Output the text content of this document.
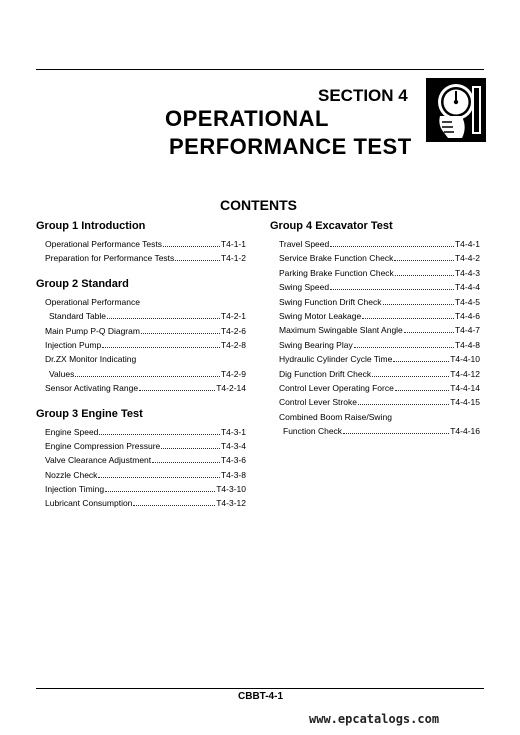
SECTION 4
OPERATIONAL
PERFORMANCE TEST
CONTENTS
Group 1 Introduction
Operational Performance Tests	T4-1-1
Preparation for Performance Tests	T4-1-2
Group 2 Standard
Operational Performance
Standard Table	T4-2-1
Main Pump P-Q Diagram	T4-2-6
Injection Pump	T4-2-8
Dr.ZX Monitor Indicating
Values	T4-2-9
Sensor Activating Range	T4-2-14
Group 3 Engine Test
Engine Speed	T4-3-1
Engine Compression Pressure	T4-3-4
Valve Clearance Adjustment	T4-3-6
Nozzle Check	T4-3-8
Injection Timing	T4-3-10
Lubricant Consumption	T4-3-12
Group 4 Excavator Test
Travel Speed	T4-4-1
Service Brake Function Check	T4-4-2
Parking Brake Function Check	T4-4-3
Swing Speed	T4-4-4
Swing Function Drift Check	T4-4-5
Swing Motor Leakage	T4-4-6
Maximum Swingable Slant Angle	T4-4-7
Swing Bearing Play	T4-4-8
Hydraulic Cylinder Cycle Time	T4-4-10
Dig Function Drift Check	T4-4-12
Control Lever Operating Force	T4-4-14
Control Lever Stroke	T4-4-15
Combined Boom Raise/Swing
Function Check	T4-4-16
CBBT-4-1
www.epcatalogs.com
